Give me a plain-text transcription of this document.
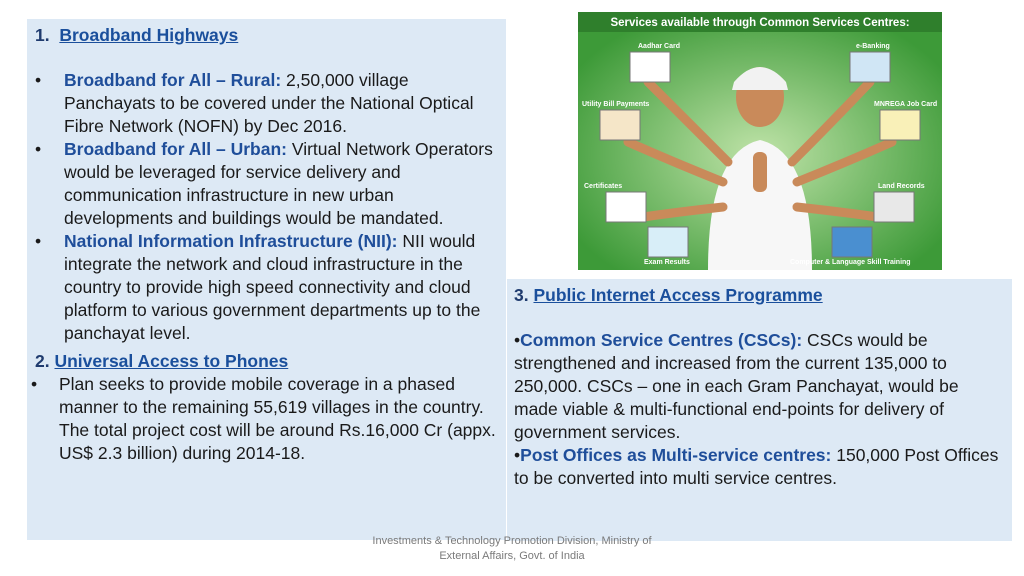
1. Broadband Highways
•	Broadband for All – Rural: 2,50,000 village Panchayats to be covered under the National Optical Fibre Network (NOFN) by Dec 2016.
•	Broadband for All – Urban: Virtual Network Operators would be leveraged for service delivery and communication infrastructure in new urban developments and buildings would be mandated.
•	National Information Infrastructure (NII): NII would integrate the network and cloud infrastructure in the country to provide high speed connectivity and cloud platform to various government departments up to the panchayat level.
2. Universal Access to Phones
•	Plan seeks to provide mobile coverage in a phased manner to the remaining 55,619 villages in the country. The total project cost will be around Rs.16,000 Cr (appx. US$ 2.3 billion) during 2014-18.
Services available through Common Services Centres:
Aadhar Card	e-Banking
Utility Bill Payments	MNREGA Job Card
Certificates	Land Records
Exam Results	Computer & Language Skill Training
3. Public Internet Access Programme
•Common Service Centres (CSCs): CSCs would be strengthened and increased from the current 135,000 to 250,000. CSCs – one in each Gram Panchayat, would be made viable & multi-functional end-points for delivery of government services.
•Post Offices as Multi-service centres: 150,000 Post Offices to be converted into multi service centres.
Investments & Technology Promotion Division, Ministry of
External Affairs, Govt. of India
